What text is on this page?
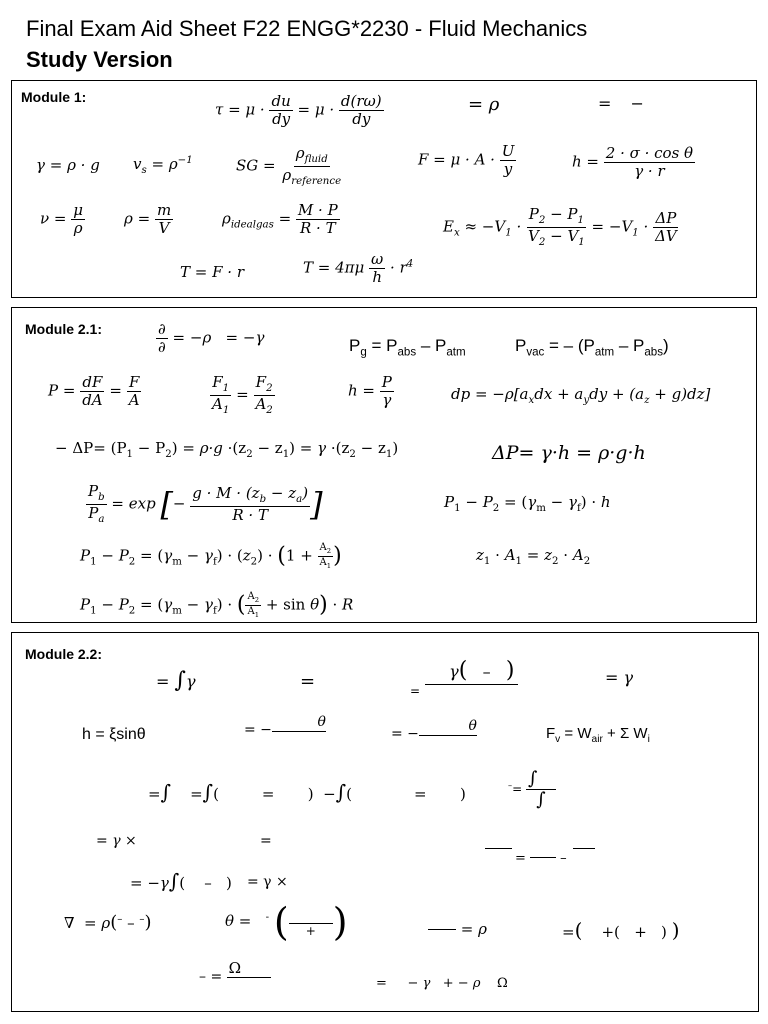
Final Exam Aid Sheet F22 ENGG*2230 - Fluid Mechanics
Study Version
Module 1:
$\tau = \mu \cdot \frac{du}{dy} = \mu \cdot \frac{d(r\omega)}{dy}$	= ρ	= −
γ = ρ · g $v_s = \rho^{-1}$	SG = $\frac{\rho_{fluid}}{\rho_{reference}}$	$F = \mu \cdot A \cdot \frac{U}{y}$	$h = \frac{\text{2 · σ · cos θ}}{\gamma \cdot r}$
$\nu = \frac{\mu}{\rho}$	$\rho = \frac{m}{V}$	$\rho_{idealgas} = \frac{M \cdot P}{R \cdot T}$	$E_x \approx -V_1 \cdot \frac{P_2 - P_1}{V_2 - V_1} = -V_1 \cdot \frac{\Delta P}{\Delta V}$
T = F · r	$T = 4\pi\mu \frac{\omega}{h} \cdot r^4$
Module 2.1:	$\frac{\partial}{\partial} = -\rho = -\gamma$	$P_g = P_{abs} - P_{atm}$	$P_{vac}$ = – $(P_{atm} - P_{abs})$
$P = \frac{dF}{dA} = \frac{F}{A}$	$\frac{F_1}{A_1} = \frac{F_2}{A_2}$	$h = \frac{P}{\gamma}$	dp = $-\rho[a_xdx + a_ydy + (a_z + g)dz]$
− $\Delta P= (P_1 - P_2) = \rho\cdot g \cdot(z_2 - z_1) = \gamma \cdot(z_2 - z_1)$	ΔP= γ·h = ρ·g·h
$\frac{P_b}{P_a} = \exp$ [− $\frac{g \cdot M \cdot (z_b - z_a)}{R \cdot T}$ ]	$P_1 - P_2 = (\gamma_m - \gamma_f) \cdot h$
$P_1 - P_2 = (\gamma_m - \gamma_f) \cdot (z_2) \cdot (1 + \frac{A_2}{A_1}$ )	$z_1 \cdot A_1 = z_2 \cdot A_2$
$P_1 - P_2 = (\gamma_m - \gamma_f)$ · ( $\frac{A_2}{A_1} + \sin \theta) \cdot R$
Module 2.2:
= ∫γ	=	$_=$ γ(   –   )	= γ
h = ξsinθ	= −	θ
= −	θ	$F_v = W_{air} + \Sigma$ $W_i$
=∫    =∫(         =       )  −∫(             =       )	$^-= \frac{\int}{\int}$
= γ ×	=
=  –
= −γ∫(    –   ) = γ ×
∇  = ρ(– – –)	θ =   - (
+ )	= ρ	=(    +(   +   ) )
– = Ω

=     − γ   + − ρ    Ω
